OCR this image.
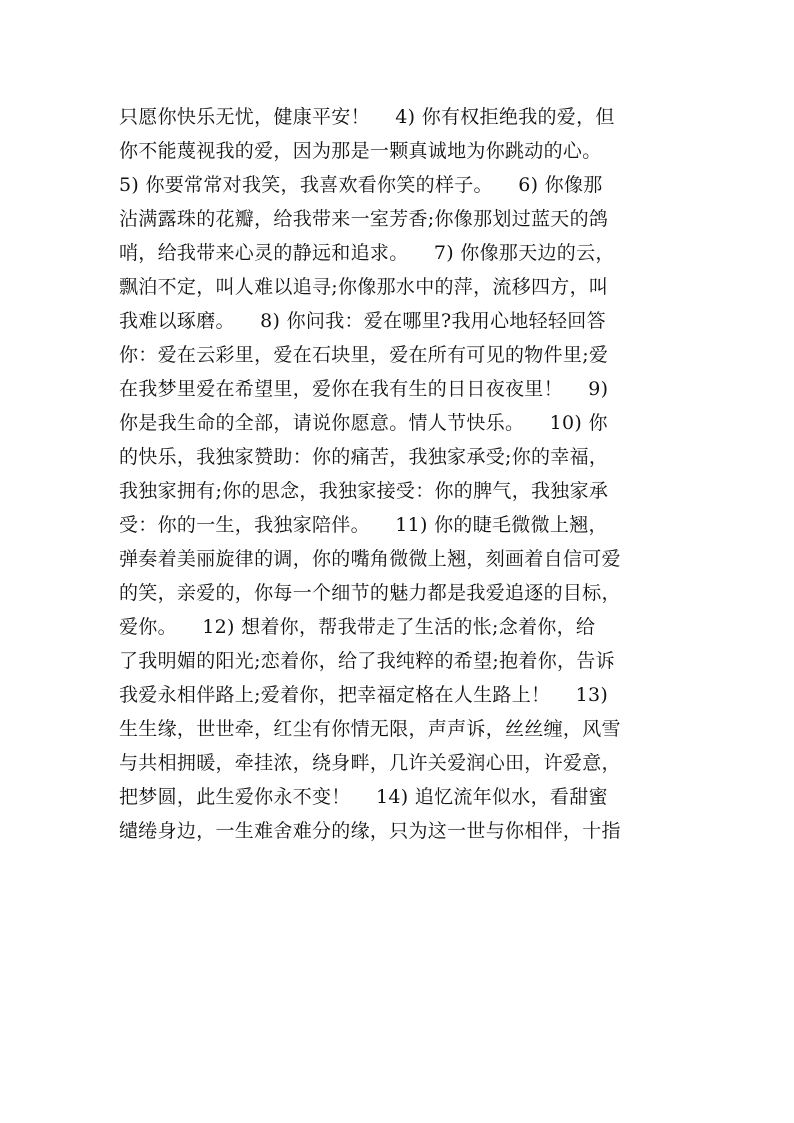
只愿你快乐无忧，健康平安！    4) 你有权拒绝我的爱，但
你不能蔑视我的爱，因为那是一颗真诚地为你跳动的心。
5) 你要常常对我笑，我喜欢看你笑的样子。    6) 你像那
沾满露珠的花瓣，给我带来一室芳香;你像那划过蓝天的鸽
哨，给我带来心灵的静远和追求。    7) 你像那天边的云，
飘泊不定，叫人难以追寻;你像那水中的萍，流移四方，叫
我难以琢磨。    8) 你问我：爱在哪里?我用心地轻轻回答
你：爱在云彩里，爱在石块里，爱在所有可见的物件里;爱
在我梦里爱在希望里，爱你在我有生的日日夜夜里！    9)
你是我生命的全部，请说你愿意。情人节快乐。    10) 你
的快乐，我独家赞助：你的痛苦，我独家承受;你的幸福，
我独家拥有;你的思念，我独家接受：你的脾气，我独家承
受：你的一生，我独家陪伴。    11) 你的睫毛微微上翘，
弹奏着美丽旋律的调，你的嘴角微微上翘，刻画着自信可爱
的笑，亲爱的，你每一个细节的魅力都是我爱追逐的目标，
爱你。    12) 想着你，帮我带走了生活的怅;念着你，给
了我明媚的阳光;恋着你，给了我纯粹的希望;抱着你，告诉
我爱永相伴路上;爱着你，把幸福定格在人生路上！    13)
生生缘，世世牵，红尘有你情无限，声声诉，丝丝缠，风雪
与共相拥暖，牵挂浓，绕身畔，几许关爱润心田，许爱意，
把梦圆，此生爱你永不变！    14) 追忆流年似水，看甜蜜
缱绻身边，一生难舍难分的缘，只为这一世与你相伴，十指
